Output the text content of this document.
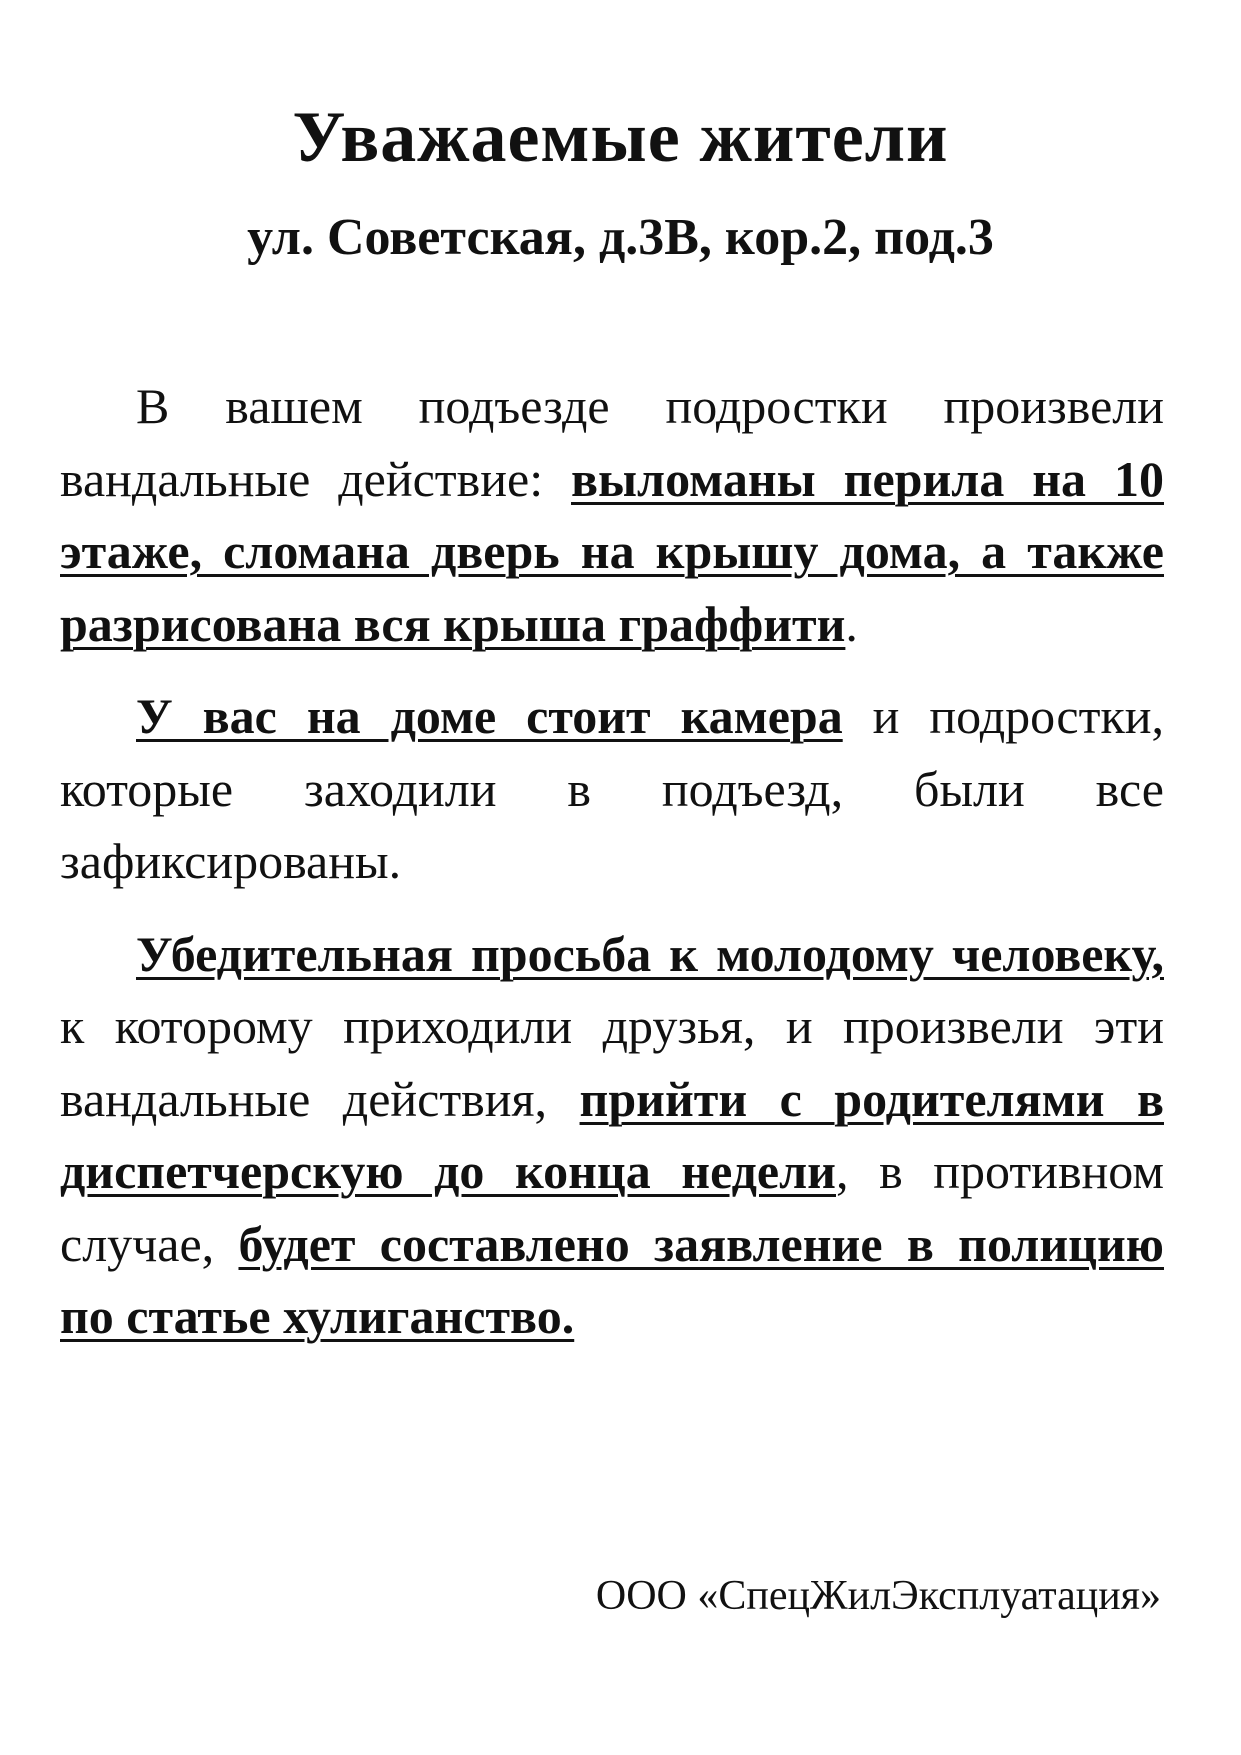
Уважаемые жители
ул. Советская, д.3В, кор.2, под.3

В вашем подъезде подростки произвели вандальные действие: выломаны перила на 10 этаже, сломана дверь на крышу дома, а также разрисована вся крыша граффити.

У вас на доме стоит камера и подростки, которые заходили в подъезд, были все зафиксированы.

Убедительная просьба к молодому человеку, к которому приходили друзья, и произвели эти вандальные действия, прийти с родителями в диспетчерскую до конца недели, в противном случае, будет составлено заявление в полицию по статье хулиганство.

ООО «СпецЖилЭксплуатация»
